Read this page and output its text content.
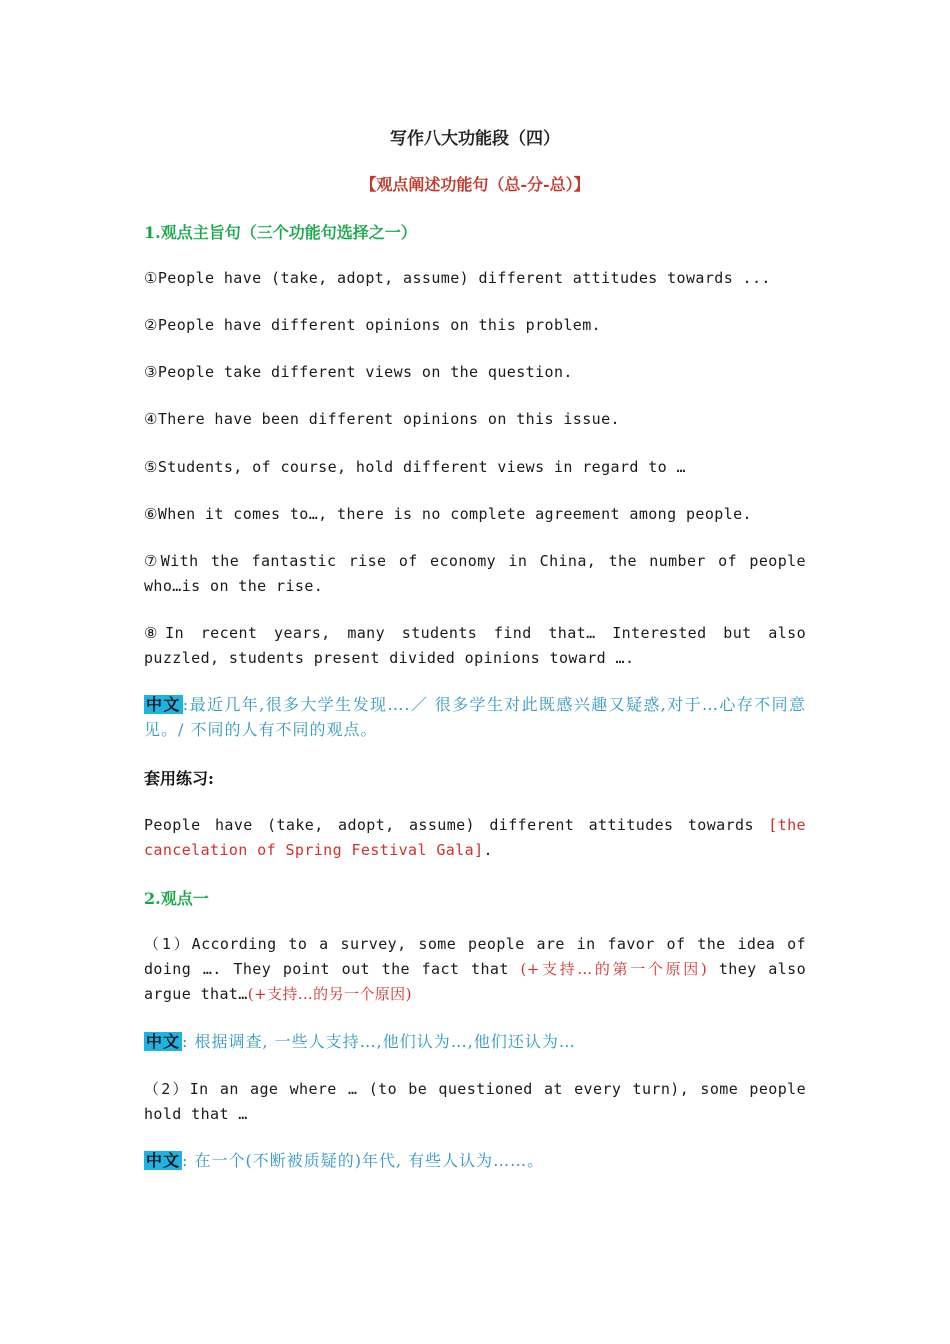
写作八大功能段（四）
【观点阐述功能句（总-分-总）】
1.观点主旨句（三个功能句选择之一）
①People have (take, adopt, assume) different attitudes towards ...
②People have different opinions on this problem.
③People take different views on the question.
④There have been different opinions on this issue.
⑤Students, of course, hold different views in regard to …
⑥When it comes to…, there is no complete agreement among people.
⑦With the fantastic rise of economy in China, the number of people who…is on the rise.
⑧In recent years, many students find that… Interested but also puzzled, students present divided opinions toward ….
中文 :最近几年,很多大学生发现….／ 很多学生对此既感兴趣又疑惑,对于…心存不同意见。/ 不同的人有不同的观点。
套用练习:
People have (take, adopt, assume) different attitudes towards [the cancelation of Spring Festival Gala].
2.观点一
（1）According to a survey, some people are in favor of the idea of doing …. They point out the fact that (+支持…的第一个原因) they also argue that…(+支持…的另一个原因)
中文 : 根据调查, 一些人支持…,他们认为…,他们还认为…
（2）In an age where … (to be questioned at every turn), some people hold that …
中文 : 在一个(不断被质疑的)年代, 有些人认为……。
